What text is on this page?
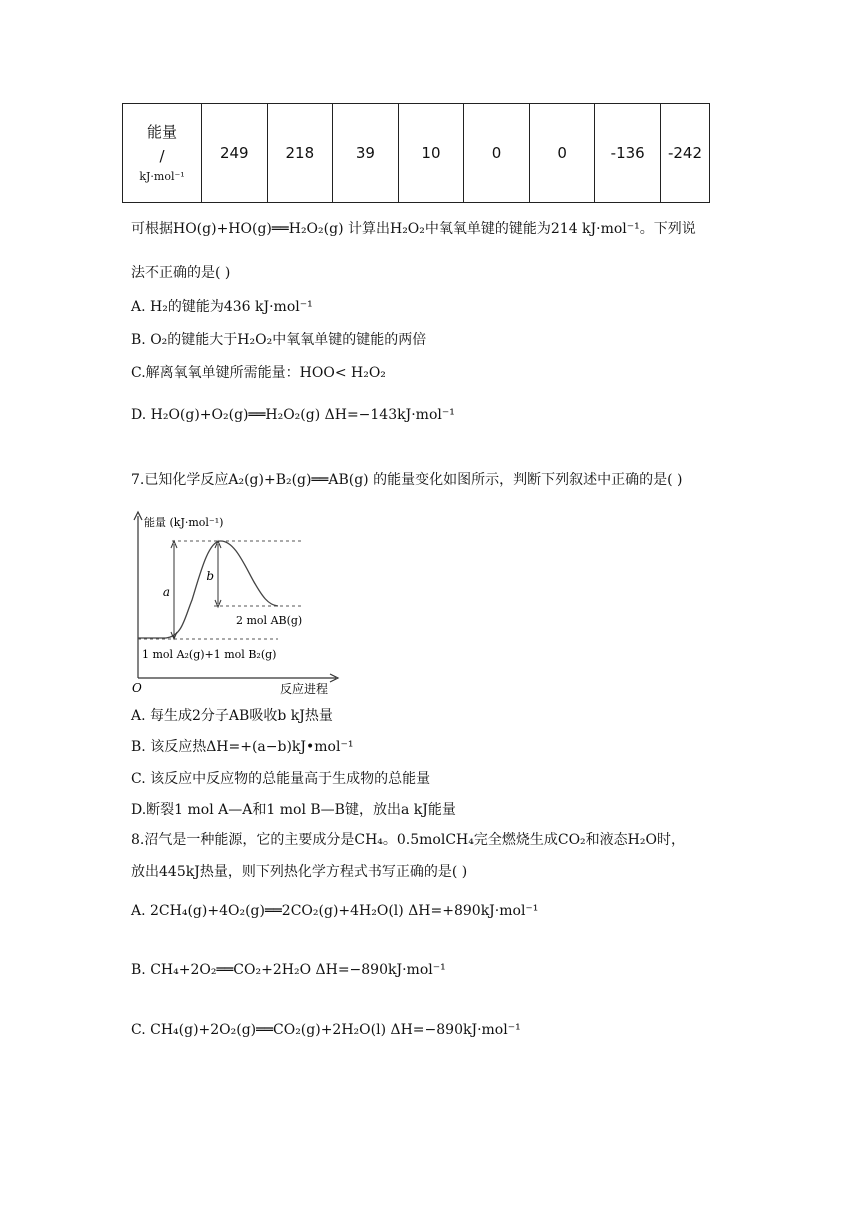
能量
/
kJ·mol⁻¹
	249	218	39	10	0	0	-136	-242
可根据HO(g)+HO(g)══H₂O₂(g) 计算出H₂O₂中氧氧单键的键能为214 kJ·mol⁻¹。下列说
法不正确的是( )
A. H₂的键能为436 kJ·mol⁻¹
B. O₂的键能大于H₂O₂中氧氧单键的键能的两倍
C.解离氧氧单键所需能量：HOO< H₂O₂
D. H₂O(g)+O₂(g)══H₂O₂(g) ΔH=−143kJ·mol⁻¹
7.已知化学反应A₂(g)+B₂(g)══AB(g) 的能量变化如图所示，判断下列叙述中正确的是( )
a
b
能量 (kJ·mol⁻¹)
2 mol AB(g)
1 mol A₂(g)+1 mol B₂(g)
O	反应进程
A. 每生成2分子AB吸收b kJ热量
B. 该反应热ΔH=+(a−b)kJ•mol⁻¹
C. 该反应中反应物的总能量高于生成物的总能量
D.断裂1 mol A—A和1 mol B—B键，放出a kJ能量
8.沼气是一种能源，它的主要成分是CH₄。0.5molCH₄完全燃烧生成CO₂和液态H₂O时，
放出445kJ热量，则下列热化学方程式书写正确的是( )
A. 2CH₄(g)+4O₂(g)══2CO₂(g)+4H₂O(l) ΔH=+890kJ·mol⁻¹
B. CH₄+2O₂══CO₂+2H₂O ΔH=−890kJ·mol⁻¹
C. CH₄(g)+2O₂(g)══CO₂(g)+2H₂O(l) ΔH=−890kJ·mol⁻¹
